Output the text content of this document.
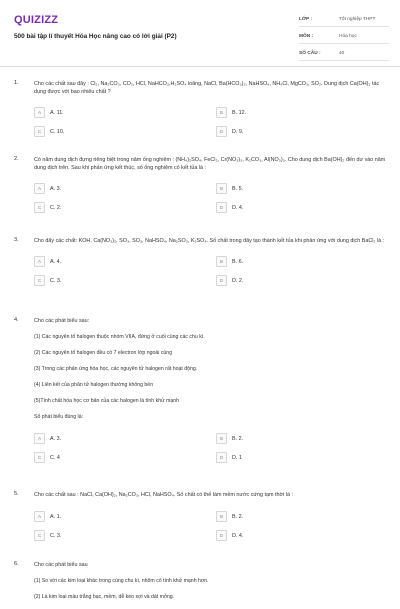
QUIZIZZ
500 bài tập lí thuyết Hóa Học nâng cao có lời giải (P2)
LỚP :	Tốt nghiệp THPT
MÔN :	Hóa học
SỐ CÂU :	40
1.	Cho các chất sau đây : Cl₂, Na₂CO₃, CO₂, HCl, NaHCO₃,H₂SO₄ loãng, NaCl, Ba(HCO₃)₂, NaHSO₄, NH₄Cl, MgCO₃, SO₂. Dung dịch Ca(OH)₂ tác dụng được với bao nhiêu chất ?
A	A. 11.	B	B. 12.
C	C. 10.	D	D. 9.
2.	Có năm dung dịch đựng riêng biệt trong năm ống nghiệm : (NH₄)₂SO₄, FeCl₂, Cr(NO₃)₃, K₂CO₃, Al(NO₃)₃. Cho dung dịch Ba(OH)₂ đến dư vào năm dung dịch trên. Sau khi phản ứng kết thúc, số ống nghiệm có kết tủa là :
A	A. 3.	B	B. 5.
C	C. 2.	D	D. 4.
3.	Cho dãy các chất: KOH, Ca(NO₃)₂, SO₃, SO₃, NaHSO₄, Na₂SO₃, K₂SO₄. Số chất trong dãy tạo thành kết tủa khi phản ứng với dung dịch BaCl₂ là :
A	A. 4.	B	B. 6.
C	C. 3.	D	D. 2.
4.	Cho các phát biểu sau:
(1) Các nguyên tố halogen thuộc nhóm VIIA, đứng ở cuối cùng các chu kì.
(2) Các nguyên tố halogen đều có 7 electron lớp ngoài cùng
(3) Trong các phản ứng hóa học, các nguyên tử halogen rất hoạt động.
(4) Liên kết của phân tử halogen thường không bền
(5)Tính chất hóa học cơ bản của các halogen là tính khử mạnh
Số phát biểu đúng là:
A	A. 3.	B	B. 2.
C	C. 4	D	D. 1
5.	Cho các chất sau : NaCl, Ca(OH)₂, Na₂CO₃, HCl, NaHSO₄. Số chất có thể làm mềm nước cứng tạm thời là :
A	A. 1.	B	B. 2.
C	C. 3.	D	D. 4.
6.	Cho các phát biểu sau
(1) So với các kim loại khác trong cùng chu kì, nhôm có tính khử mạnh hơn.
(2) Là kim loại màu trắng bạc, mềm, dễ kéo sợi và dát mỏng.
